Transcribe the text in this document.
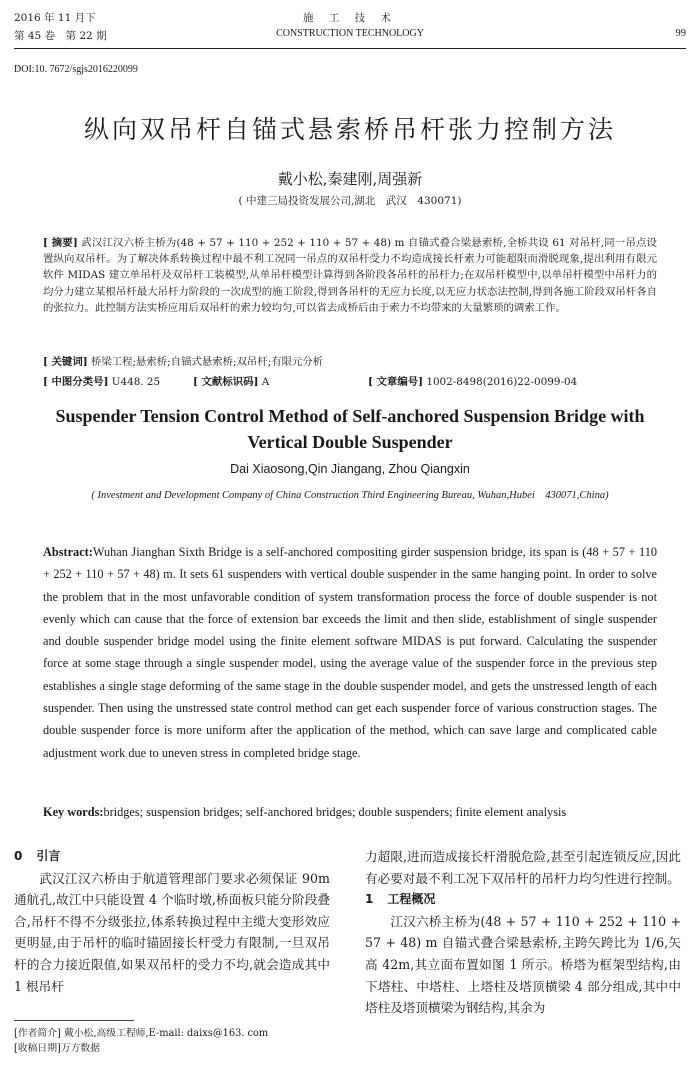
2016 年 11 月下
第 45 卷　第 22 期
施 工 技 术
CONSTRUCTION TECHNOLOGY	99
DOI:10. 7672/sgjs2016220099
纵向双吊杆自锚式悬索桥吊杆张力控制方法
戴小松,秦建刚,周强新
( 中建三局投资发展公司,湖北　武汉　430071)
[ 摘要] 武汉江汉六桥主桥为(48 + 57 + 110 + 252 + 110 + 57 + 48) m 自锚式叠合梁悬索桥,全桥共设 61 对吊杆,同一吊点设置纵向双吊杆。为了解决体系转换过程中最不利工况同一吊点的双吊杆受力不均造成接长杆索力可能超限而滑脱现象,提出利用有限元软件 MIDAS 建立单吊杆及双吊杆工装模型,从单吊杆模型计算得到各阶段各吊杆的吊杆力;在双吊杆模型中,以单吊杆模型中吊杆力的均分力建立某根吊杆最大吊杆力阶段的一次成型的施工阶段,得到各吊杆的无应力长度,以无应力状态法控制,得到各施工阶段双吊杆各自的张拉力。此控制方法实桥应用后双吊杆的索力较均匀,可以省去成桥后由于索力不均带来的大量繁琐的调索工作。
[ 关键词] 桥梁工程;悬索桥;自锚式悬索桥;双吊杆;有限元分析
[ 中图分类号] U448. 25	[ 文献标识码] A	[ 文章编号] 1002-8498(2016)22-0099-04
Suspender Tension Control Method of Self-anchored Suspension Bridge with Vertical Double Suspender
Dai Xiaosong,Qin Jiangang, Zhou Qiangxin
( Investment and Development Company of China Construction Third Engineering Bureau, Wuhan,Hubei　430071,China)
Abstract:Wuhan Jianghan Sixth Bridge is a self-anchored compositing girder suspension bridge, its span is (48 + 57 + 110 + 252 + 110 + 57 + 48) m. It sets 61 suspenders with vertical double suspender in the same hanging point. In order to solve the problem that in the most unfavorable condition of system transformation process the force of double suspender is not evenly which can cause that the force of extension bar exceeds the limit and then slide, establishment of single suspender and double suspender bridge model using the finite element software MIDAS is put forward. Calculating the suspender force at some stage through a single suspender model, using the average value of the suspender force in the previous step establishes a single stage deforming of the same stage in the double suspender model, and gets the unstressed length of each suspender. Then using the unstressed state control method can get each suspender force of various construction stages. The double suspender force is more uniform after the application of the method, which can save large and complicated cable adjustment work due to uneven stress in completed bridge stage.
Key words:bridges; suspension bridges; self-anchored bridges; double suspenders; finite element analysis
0 引言

武汉江汉六桥由于航道管理部门要求必须保证 90m 通航孔,故江中只能设置 4 个临时墩,桥面板只能分阶段叠合,吊杆不得不分级张拉,体系转换过程中主缆大变形效应更明显,由于吊杆的临时锚固接长杆受力有限制,一旦双吊杆的合力接近限值,如果双吊杆的受力不均,就会造成其中 1 根吊杆

力超限,进而造成接长杆滑脱危险,甚至引起连锁反应,因此有必要对最不利工况下双吊杆的吊杆力均匀性进行控制。

1 工程概况

江汉六桥主桥为(48 + 57 + 110 + 252 + 110 + 57 + 48) m 自锚式叠合梁悬索桥,主跨矢跨比为 1/6,矢高 42m,其立面布置如图 1 所示。桥塔为框架型结构,由下塔柱、中塔柱、上塔柱及塔顶横梁 4 部分组成,其中中塔柱及塔顶横梁为钢结构,其余为

[作者简介] 戴小松,高级工程师,E-mail: daixs@163. com
[收稿日期]万方数据
